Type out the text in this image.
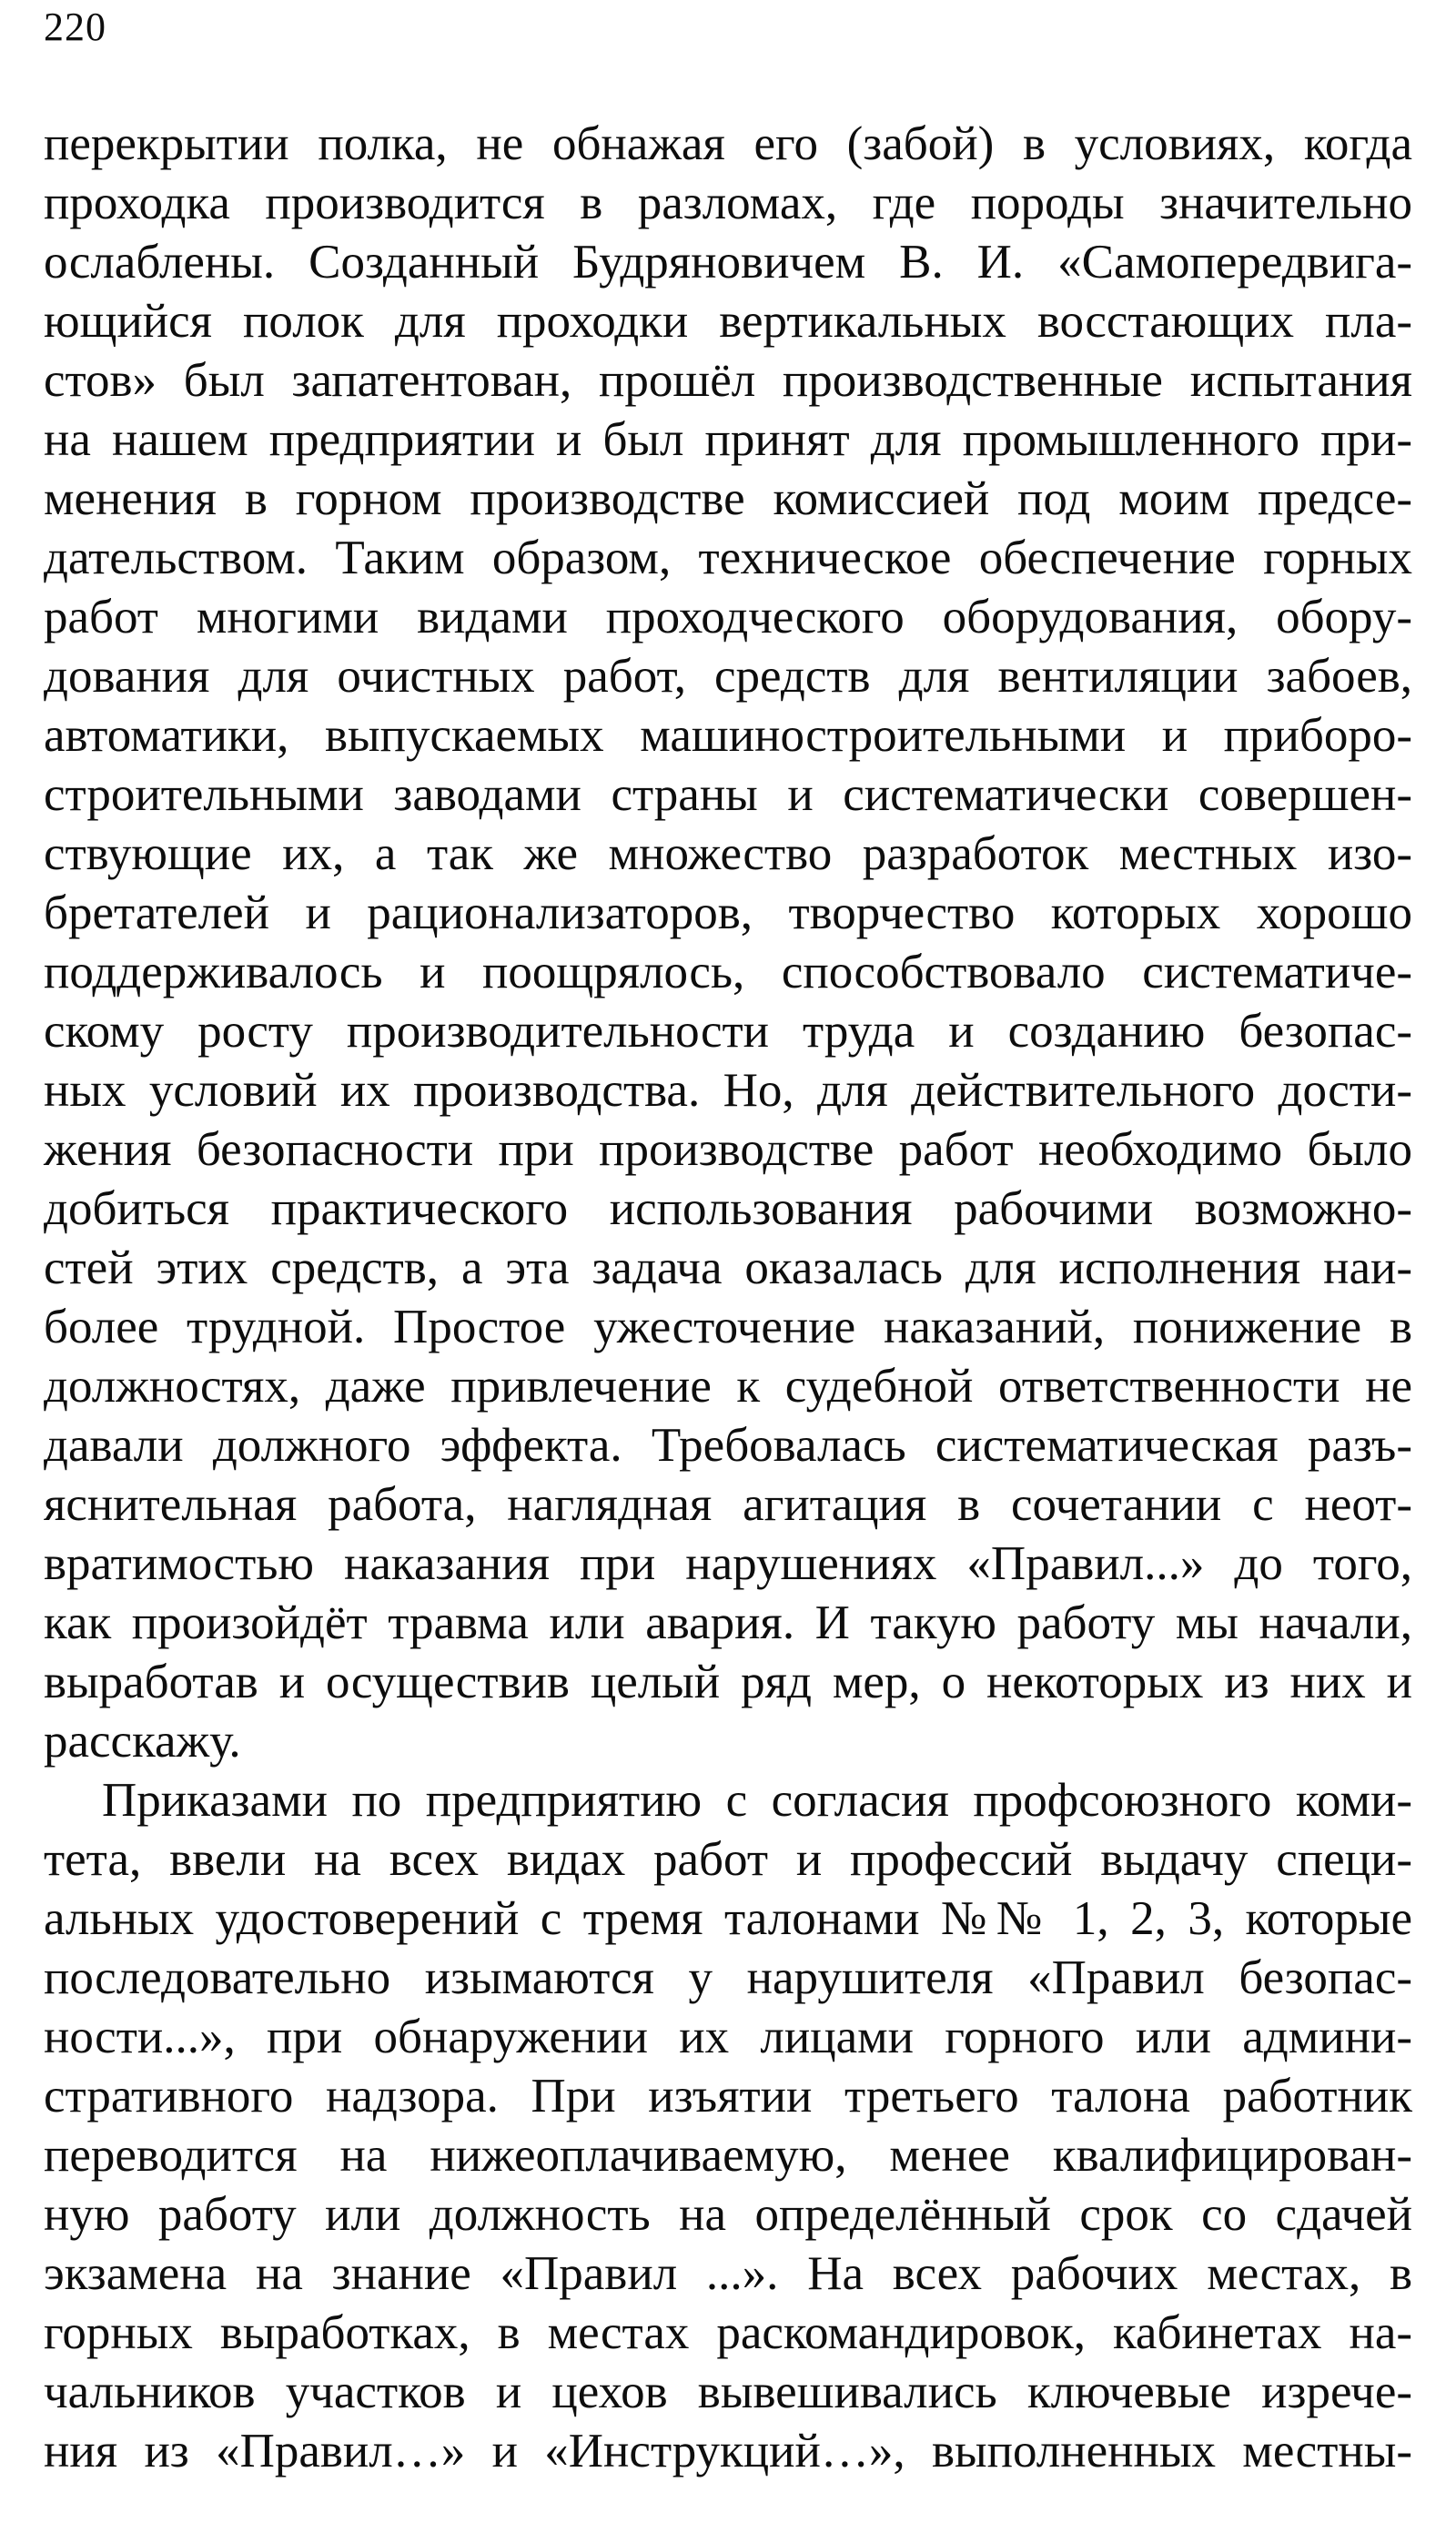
220
перекрытии полка, не обнажая его (забой) в условиях, когда
проходка производится в разломах, где породы значительно
ослаблены. Созданный Будряновичем В. И. «Самопередвига-
ющийся полок для проходки вертикальных восстающих пла-
стов» был запатентован, прошёл производственные испытания
на нашем предприятии и был принят для промышленного при-
менения в горном производстве комиссией под моим предсе-
дательством. Таким образом, техническое обеспечение горных
работ многими видами проходческого оборудования, обору-
дования для очистных работ, средств для вентиляции забоев,
автоматики, выпускаемых машиностроительными и приборо-
строительными заводами страны и систематически совершен-
ствующие их, а так же множество разработок местных изо-
бретателей и рационализаторов, творчество которых хорошо
поддерживалось и поощрялось, способствовало систематиче-
скому росту производительности труда и созданию безопас-
ных условий их производства. Но, для действительного дости-
жения безопасности при производстве работ необходимо было
добиться практического использования рабочими возможно-
стей этих средств, а эта задача оказалась для исполнения наи-
более трудной. Простое ужесточение наказаний, понижение в
должностях, даже привлечение к судебной ответственности не
давали должного эффекта. Требовалась систематическая разъ-
яснительная работа, наглядная агитация в сочетании с неот-
вратимостью наказания при нарушениях «Правил...» до того,
как произойдёт травма или авария. И такую работу мы начали,
выработав и осуществив целый ряд мер, о некоторых из них и
расскажу.
Приказами по предприятию с согласия профсоюзного коми-
тета, ввели на всех видах работ и профессий выдачу специ-
альных удостоверений с тремя талонами №№ 1, 2, 3, которые
последовательно изымаются у нарушителя «Правил безопас-
ности...», при обнаружении их лицами горного или админи-
стративного надзора. При изъятии третьего талона работник
переводится на нижеоплачиваемую, менее квалифицирован-
ную работу или должность на определённый срок со сдачей
экзамена на знание «Правил ...». На всех рабочих местах, в
горных выработках, в местах раскомандировок, кабинетах на-
чальников участков и цехов вывешивались ключевые изрече-
ния из «Правил…» и «Инструкций…», выполненных местны-
